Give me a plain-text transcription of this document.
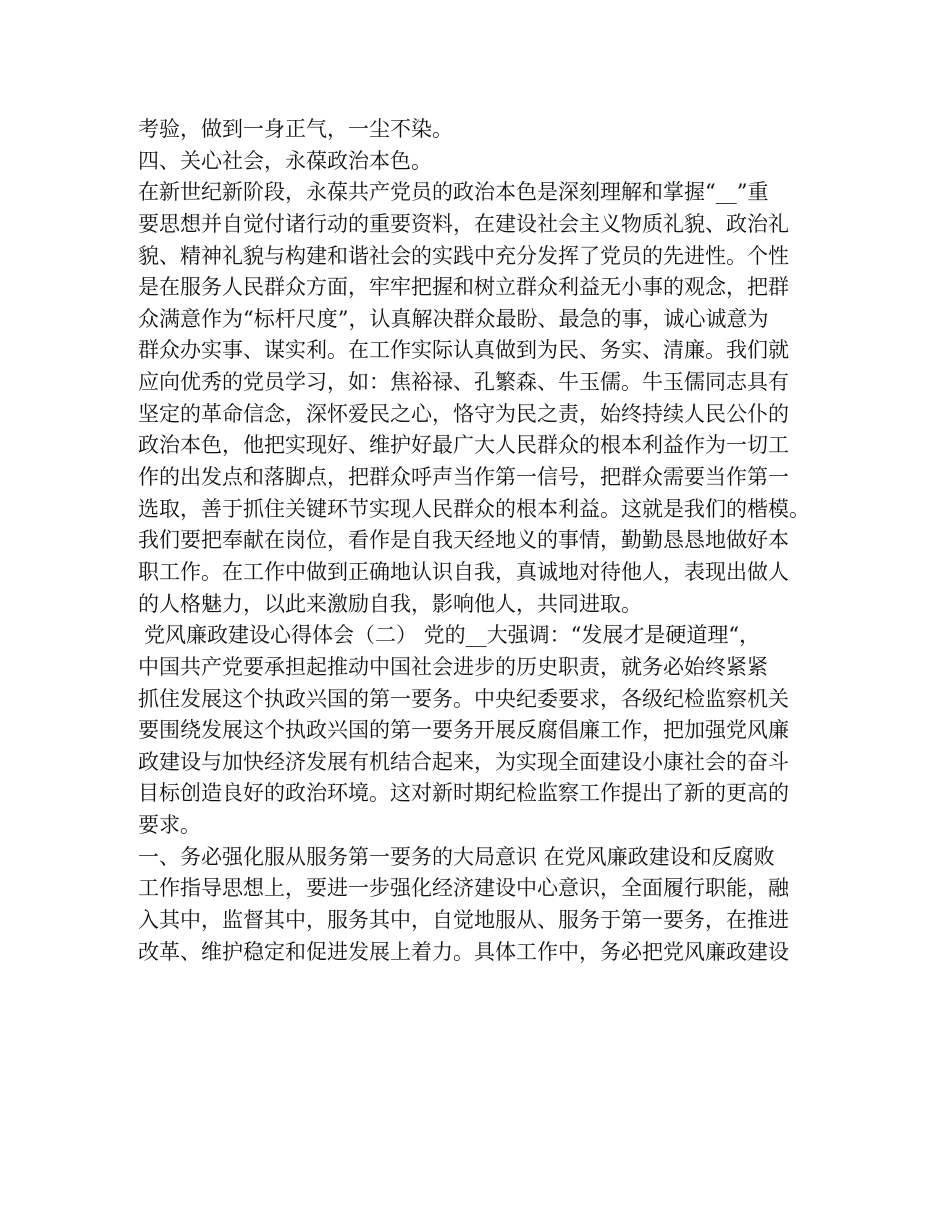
考验，做到一身正气，一尘不染。
四、关心社会，永葆政治本色。
在新世纪新阶段，永葆共产党员的政治本色是深刻理解和掌握“__”重
要思想并自觉付诸行动的重要资料，在建设社会主义物质礼貌、政治礼
貌、精神礼貌与构建和谐社会的实践中充分发挥了党员的先进性。个性
是在服务人民群众方面，牢牢把握和树立群众利益无小事的观念，把群
众满意作为“标杆尺度”，认真解决群众最盼、最急的事，诚心诚意为
群众办实事、谋实利。在工作实际认真做到为民、务实、清廉。我们就
应向优秀的党员学习，如：焦裕禄、孔繁森、牛玉儒。牛玉儒同志具有
坚定的革命信念，深怀爱民之心，恪守为民之责，始终持续人民公仆的
政治本色，他把实现好、维护好最广大人民群众的根本利益作为一切工
作的出发点和落脚点，把群众呼声当作第一信号，把群众需要当作第一
选取，善于抓住关键环节实现人民群众的根本利益。这就是我们的楷模。
我们要把奉献在岗位，看作是自我天经地义的事情，勤勤恳恳地做好本
职工作。在工作中做到正确地认识自我，真诚地对待他人，表现出做人
的人格魅力，以此来激励自我，影响他人，共同进取。
党风廉政建设心得体会（二） 党的__大强调：“发展才是硬道理“，
中国共产党要承担起推动中国社会进步的历史职责，就务必始终紧紧
抓住发展这个执政兴国的第一要务。中央纪委要求，各级纪检监察机关
要围绕发展这个执政兴国的第一要务开展反腐倡廉工作，把加强党风廉
政建设与加快经济发展有机结合起来，为实现全面建设小康社会的奋斗
目标创造良好的政治环境。这对新时期纪检监察工作提出了新的更高的
要求。
一、务必强化服从服务第一要务的大局意识 在党风廉政建设和反腐败
工作指导思想上，要进一步强化经济建设中心意识，全面履行职能，融
入其中，监督其中，服务其中，自觉地服从、服务于第一要务，在推进
改革、维护稳定和促进发展上着力。具体工作中，务必把党风廉政建设
